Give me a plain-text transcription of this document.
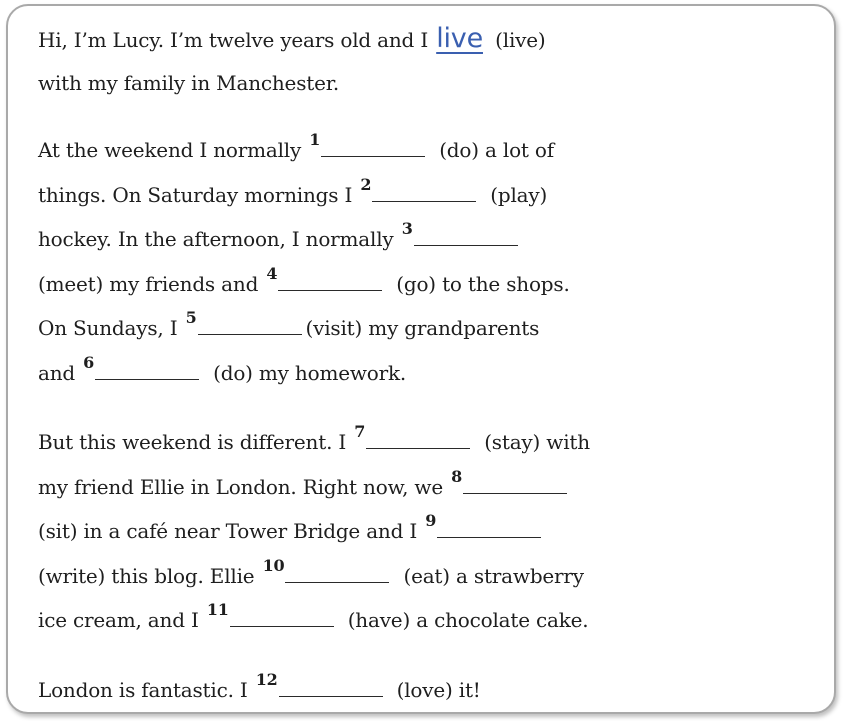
Hi, I’m Lucy. I’m twelve years old and I live (live)
with my family in Manchester.
At the weekend I normally $^1$	(do) a lot of
things. On Saturday mornings I $^2$	(play)
hockey. In the afternoon, I normally $^3$
(meet) my friends and $^4$	(go) to the shops.
On Sundays, I $^5$	(visit) my grandparents
and $^6$	(do) my homework.
But this weekend is different. I $^7$	(stay) with
my friend Ellie in London. Right now, we $^8$
(sit) in a café near Tower Bridge and I $^9$
(write) this blog. Ellie $^{10}$	(eat) a strawberry
ice cream, and I $^{11}$	(have) a chocolate cake.
London is fantastic. I $^{12}$	(love) it!
